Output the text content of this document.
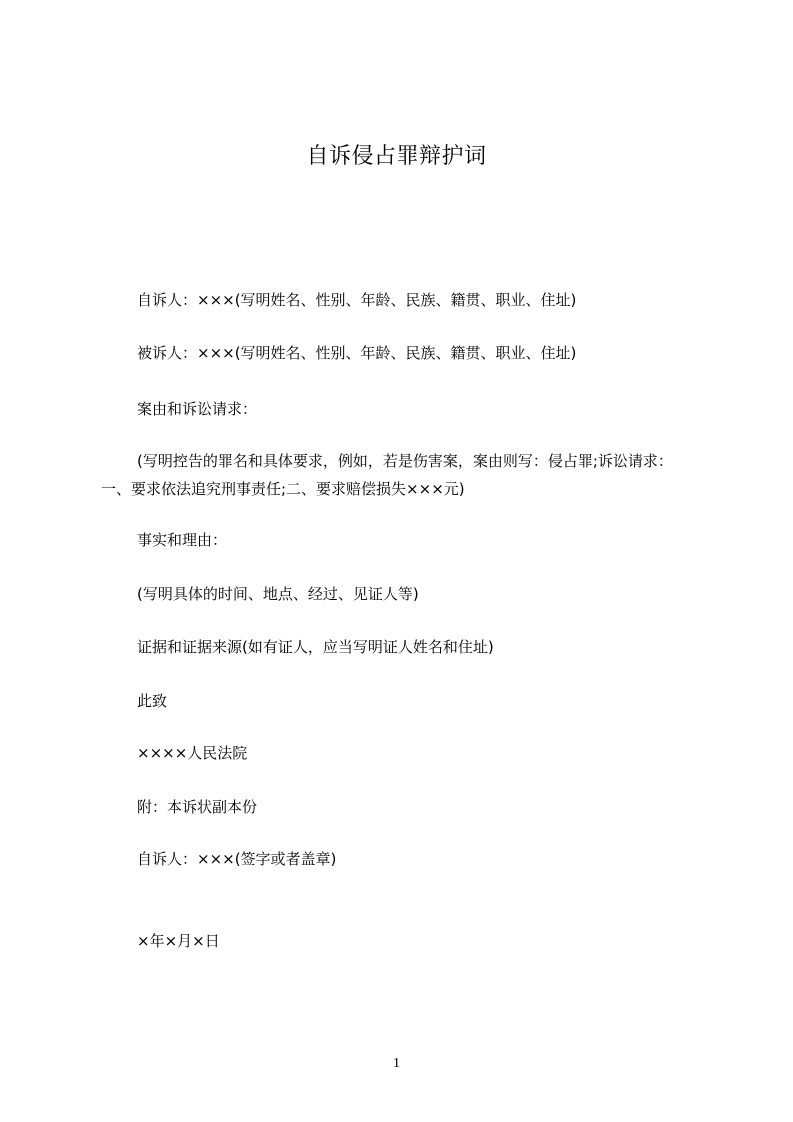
自诉侵占罪辩护词
自诉人：×××(写明姓名、性别、年龄、民族、籍贯、职业、住址)
被诉人：×××(写明姓名、性别、年龄、民族、籍贯、职业、住址)
案由和诉讼请求：
(写明控告的罪名和具体要求，例如，若是伤害案，案由则写：侵占罪;诉讼请求：
一、要求依法追究刑事责任;二、要求赔偿损失×××元)
事实和理由：
(写明具体的时间、地点、经过、见证人等)
证据和证据来源(如有证人，应当写明证人姓名和住址)
此致
××××人民法院
附：本诉状副本份
自诉人：×××(签字或者盖章)
×年×月×日
1
